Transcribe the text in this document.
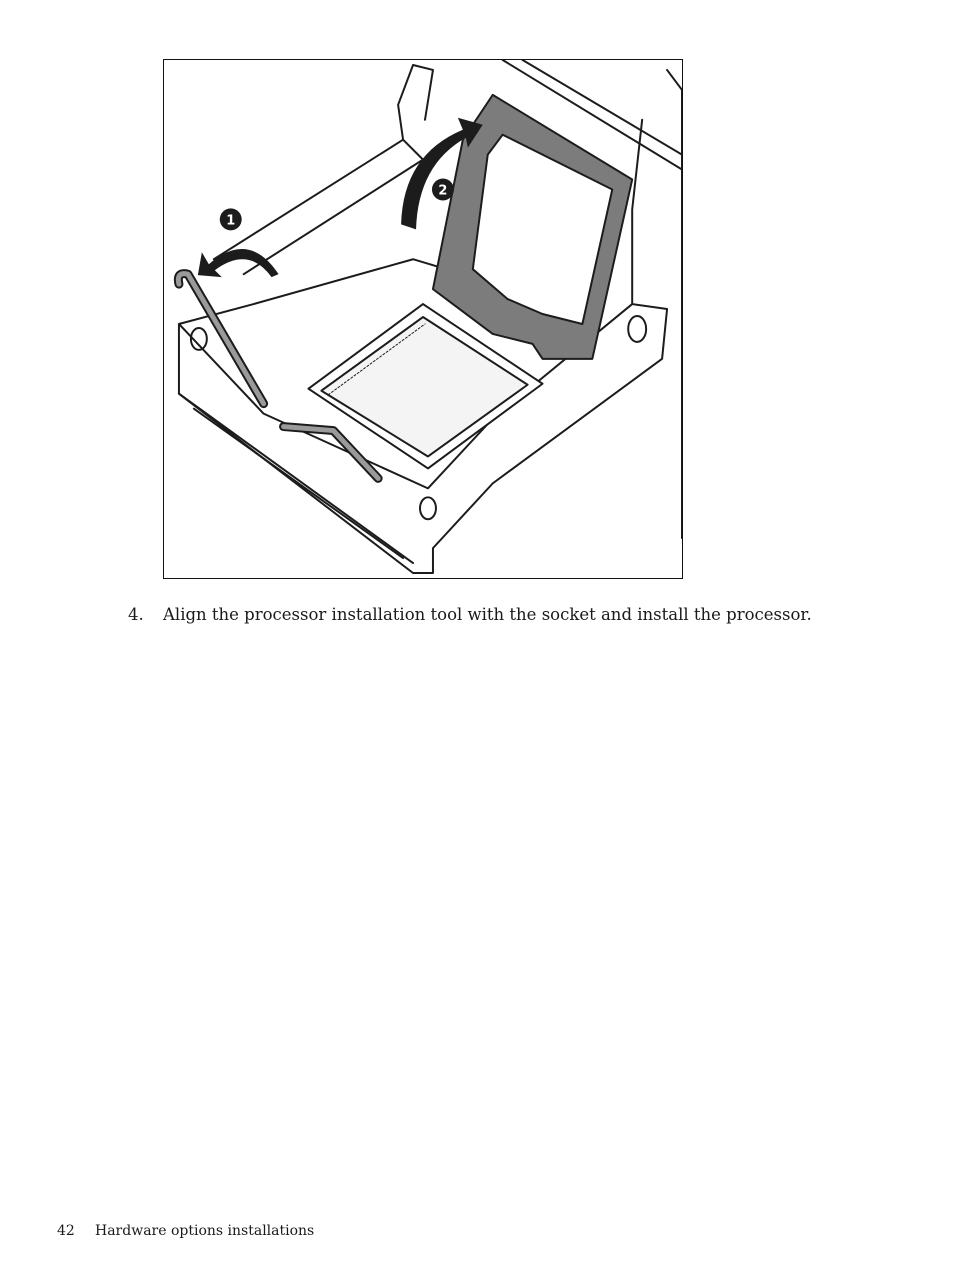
1
2
4. Align the processor installation tool with the socket and install the processor.
42 Hardware options installations
